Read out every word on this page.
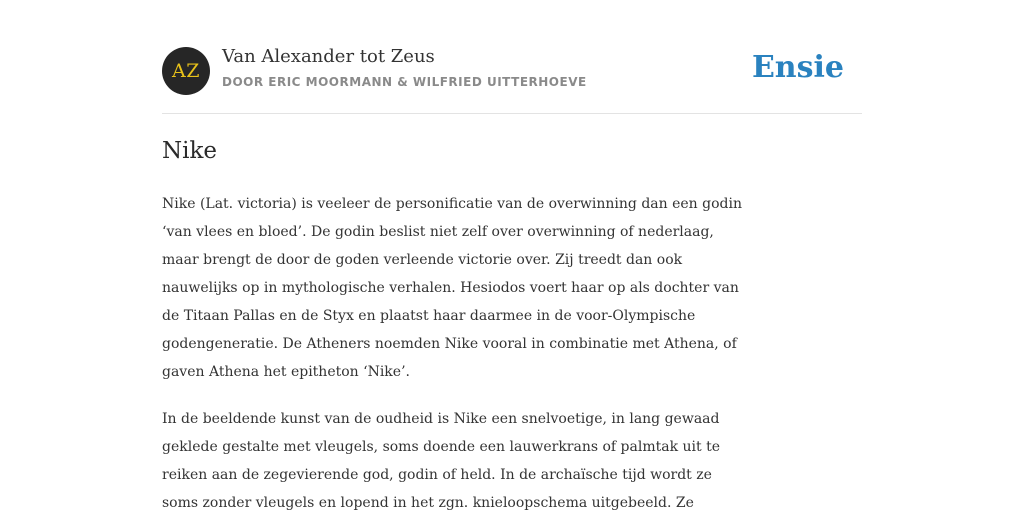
AZ
Van Alexander tot Zeus
DOOR ERIC MOORMANN & WILFRIED UITTERHOEVE	Ensie
Nike

Nike (Lat. victoria) is veeleer de personificatie van de overwinning dan een godin
‘van vlees en bloed’. De godin beslist niet zelf over overwinning of nederlaag,
maar brengt de door de goden verleende victorie over. Zij treedt dan ook
nauwelijks op in mythologische verhalen. Hesiodos voert haar op als dochter van
de Titaan Pallas en de Styx en plaatst haar daarmee in de voor-Olympische
godengeneratie. De Atheners noemden Nike vooral in combinatie met Athena, of
gaven Athena het epitheton ‘Nike’.

In de beeldende kunst van de oudheid is Nike een snelvoetige, in lang gewaad
geklede gestalte met vleugels, soms doende een lauwerkrans of palmtak uit te
reiken aan de zegevierende god, godin of held. In de archaïsche tijd wordt ze
soms zonder vleugels en lopend in het zgn. knieloopschema uitgebeeld. Ze
